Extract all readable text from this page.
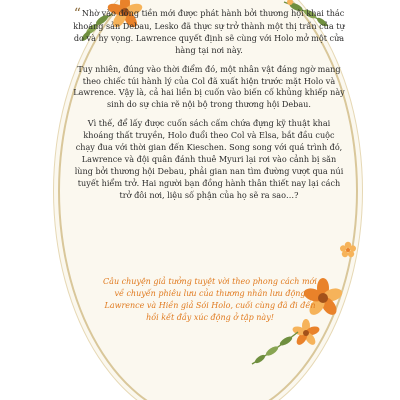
“ Nhờ vào đồng tiền mới được phát hành bởi thương hội khai thác khoáng sản Debau, Lesko đã thực sự trở thành một thị trấn của tự do và hy vọng. Lawrence quyết định sẽ cùng với Holo mở một cửa hàng tại nơi này.

Tuy nhiên, đúng vào thời điểm đó, một nhân vật đáng ngờ mang theo chiếc túi hành lý của Col đã xuất hiện trước mặt Holo và Lawrence. Vậy là, cả hai liền bị cuốn vào biến cố khủng khiếp này sinh do sự chia rẽ nội bộ trong thương hội Debau.

Vì thế, để lấy được cuốn sách cấm chứa đựng kỹ thuật khai khoáng thất truyền, Holo đuổi theo Col và Elsa, bắt đầu cuộc chạy đua với thời gian đến Kieschen. Song song với quá trình đó, Lawrence và đội quân đánh thuê Myuri lại rơi vào cảnh bị săn lùng bởi thương hội Debau, phải gian nan tìm đường vượt qua núi tuyết hiểm trở. Hai người bạn đồng hành thân thiết nay lại cách trở đôi nơi, liệu số phận của họ sẽ ra sao…?

Câu chuyện giả tưởng tuyệt vời theo phong cách mới về chuyến phiêu lưu của thương nhân lưu động Lawrence và Hiền giả Sói Holo, cuối cùng đã đi đến hồi kết đầy xúc động ở tập này!
